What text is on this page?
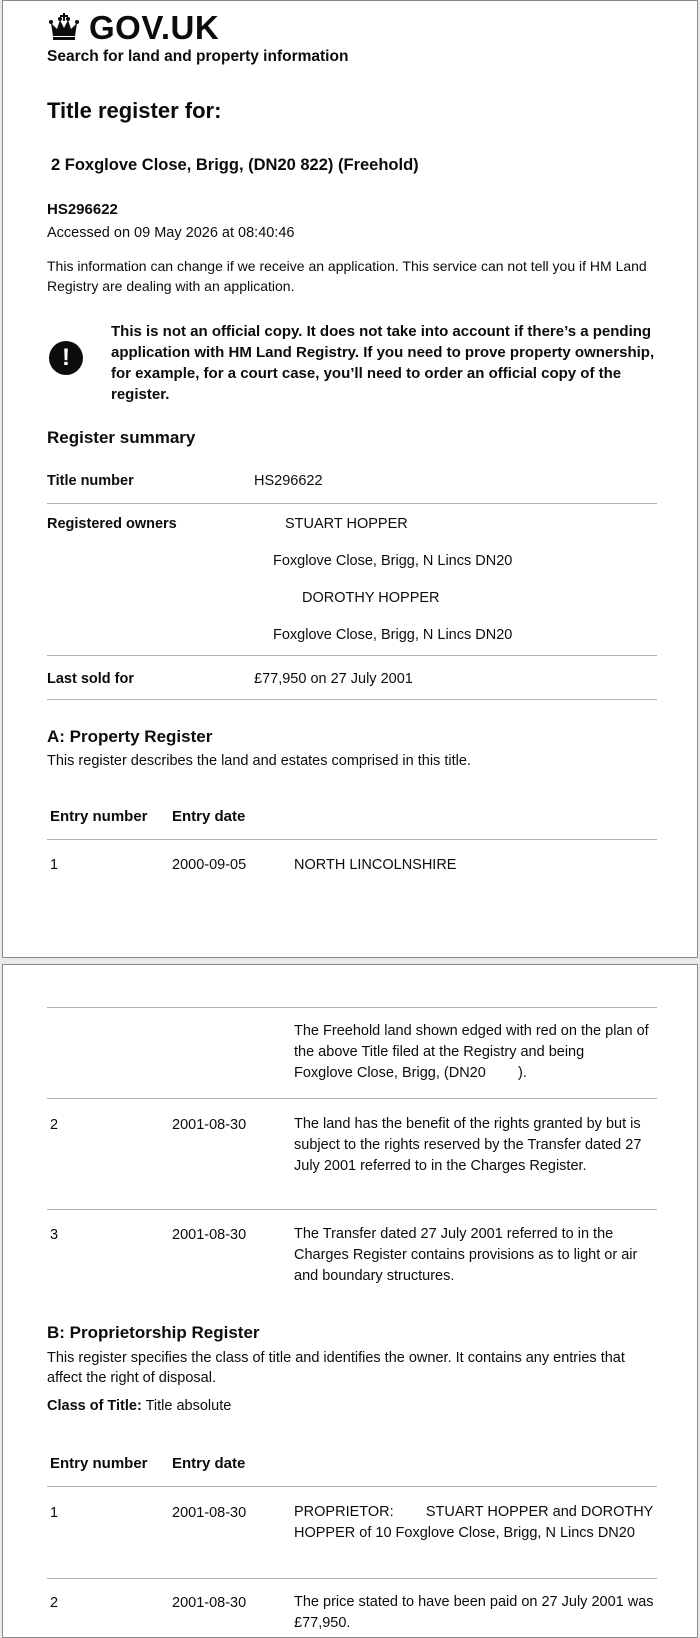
GOV.UK
Search for land and property information
Title register for:
2 Foxglove Close, Brigg, (DN20 822) (Freehold)
HS296622
Accessed on 09 May 2026 at 08:40:46
This information can change if we receive an application. This service can not tell you if HM Land Registry are dealing with an application.
!
This is not an official copy. It does not take into account if there’s a pending application with HM Land Registry. If you need to prove property ownership, for example, for a court case, you’ll need to order an official copy of the register.
Register summary
Title number	HS296622
Registered owners	STUART HOPPER
Foxglove Close, Brigg, N Lincs DN20
DOROTHY HOPPER
Foxglove Close, Brigg, N Lincs DN20
Last sold for	£77,950 on 27 July 2001
A: Property Register
This register describes the land and estates comprised in this title.
Entry number Entry date
1	2000-09-05	NORTH LINCOLNSHIRE
The Freehold land shown edged with red on the plan of the above Title filed at the Registry and being      Foxglove Close, Brigg, (DN20        ).
2	2001-08-30	The land has the benefit of the rights granted by but is subject to the rights reserved by the Transfer dated 27 July 2001 referred to in the Charges Register.
3	2001-08-30	The Transfer dated 27 July 2001 referred to in the Charges Register contains provisions as to light or air and boundary structures.
B: Proprietorship Register
This register specifies the class of title and identifies the owner. It contains any entries that affect the right of disposal.
Class of Title: Title absolute
Entry number Entry date
1	2001-08-30	PROPRIETOR:        STUART HOPPER and DOROTHY HOPPER of 10 Foxglove Close, Brigg, N Lincs DN20
2	2001-08-30	The price stated to have been paid on 27 July 2001 was £77,950.
